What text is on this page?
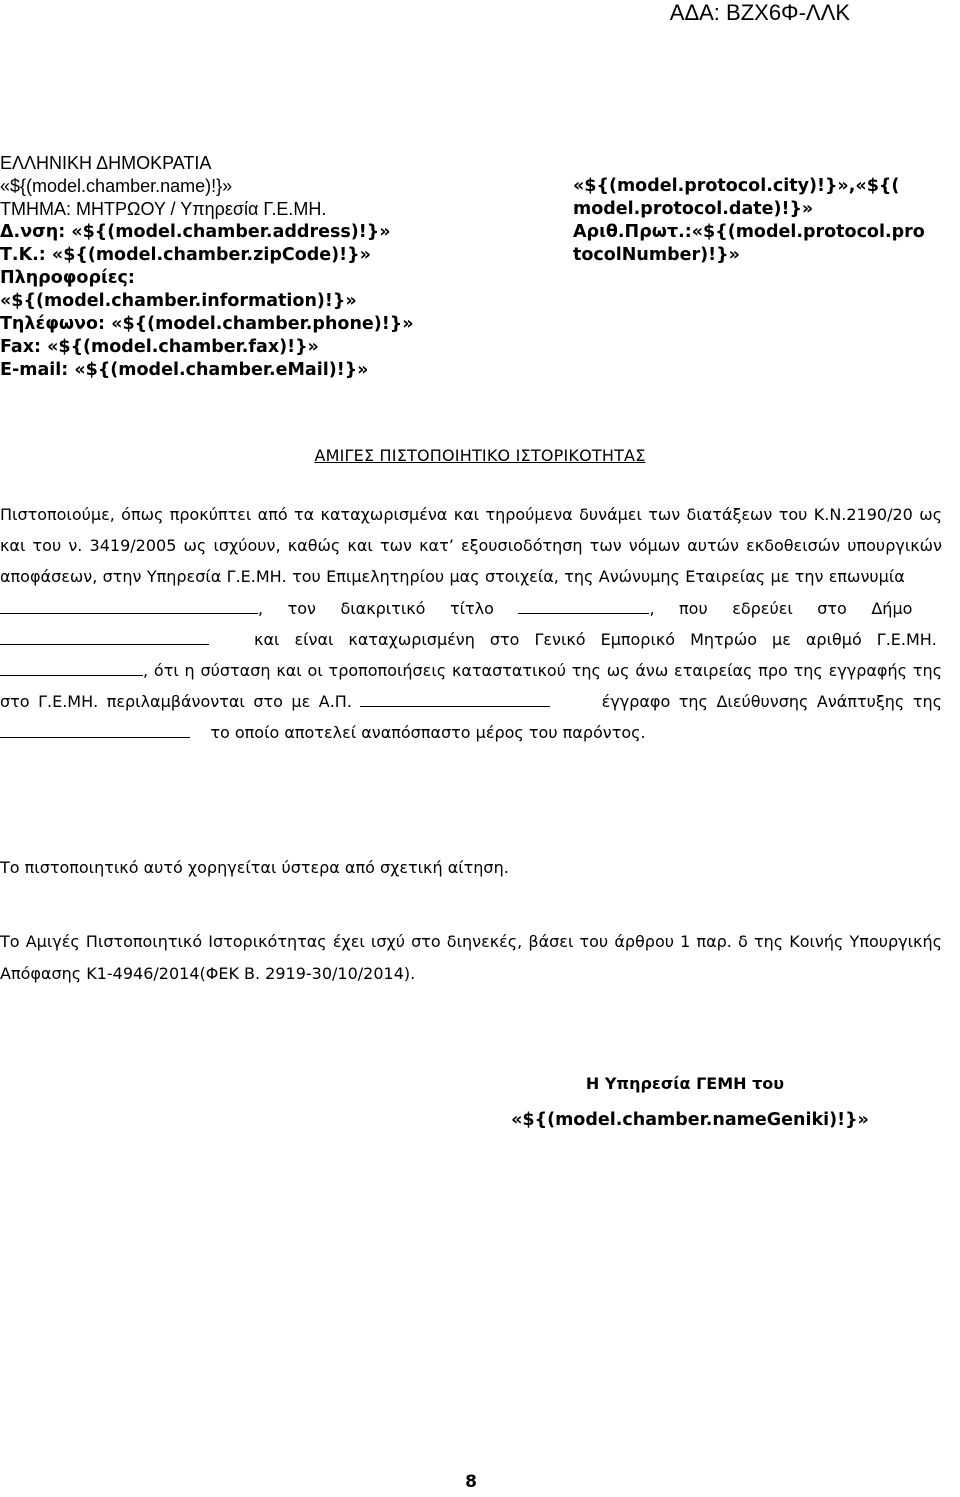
ΑΔΑ: ΒΖΧ6Φ-ΛΛΚ
ΕΛΛΗΝΙΚΗ ΔΗΜΟΚΡΑΤΙΑ
«${(model.chamber.name)!}»
ΤΜΗΜΑ: ΜΗΤΡΩΟΥ / Υπηρεσία Γ.Ε.ΜΗ.
Δ.νση: «${(model.chamber.address)!}»
Τ.Κ.: «${(model.chamber.zipCode)!}»
Πληροφορίες:
«${(model.chamber.information)!}»
Τηλέφωνο: «${(model.chamber.phone)!}»
Fax: «${(model.chamber.fax)!}»
E-mail: «${(model.chamber.eMail)!}»
«${(model.protocol.city)!}»,«${(
model.protocol.date)!}»
Αριθ.Πρωτ.:«${(model.protocol.pro
tocolNumber)!}»
ΑΜΙΓΕΣ ΠΙΣΤΟΠΟΙΗΤΙΚΟ ΙΣΤΟΡΙΚΟΤΗΤΑΣ
Πιστοποιούμε, όπως προκύπτει από τα καταχωρισμένα και τηρούμενα δυνάμει των διατάξεων του Κ.Ν.2190/20 ως και του ν. 3419/2005 ως ισχύουν, καθώς και των κατ’ εξουσιοδότηση των νόμων αυτών εκδοθεισών υπουργικών αποφάσεων, στην Υπηρεσία Γ.Ε.ΜΗ. του Επιμελητηρίου μας στοιχεία, της Ανώνυμης Εταιρείας με την επωνυμία       , τον διακριτικό τίτλο	, που εδρεύει στο Δήμο     και είναι καταχωρισμένη στο Γενικό Εμπορικό Μητρώο με αριθμό Γ.Ε.ΜΗ. , ότι η σύσταση και οι τροποποιήσεις καταστατικού της ως άνω εταιρείας προ της εγγραφής της στο Γ.Ε.ΜΗ. περιλαμβάνονται στο με Α.Π.	έγγραφο της Διεύθυνσης Ανάπτυξης της     το οποίο αποτελεί αναπόσπαστο μέρος του παρόντος.
Το πιστοποιητικό αυτό χορηγείται ύστερα από σχετική αίτηση.
Το Αμιγές Πιστοποιητικό Ιστορικότητας έχει ισχύ στο διηνεκές, βάσει του άρθρου 1 παρ. δ της Κοινής Υπουργικής Απόφασης Κ1-4946/2014(ΦΕΚ Β. 2919-30/10/2014).
Η Υπηρεσία ΓΕΜΗ του
«${(model.chamber.nameGeniki)!}»
8
